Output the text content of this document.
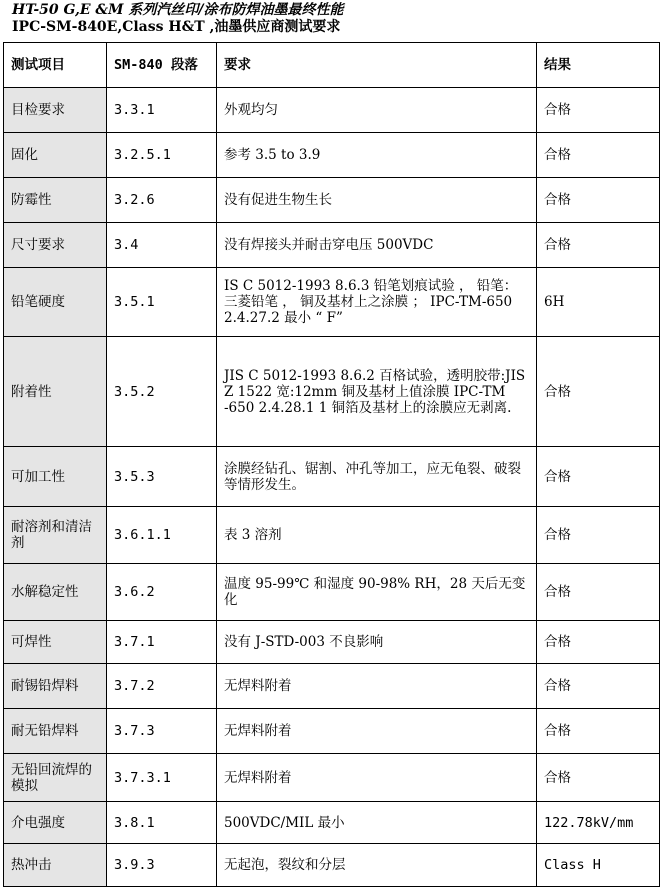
HT-50 G,E &M 系列汽丝印/涂布防焊油墨最终性能
IPC-SM-840E,Class H&T ,油墨供应商测试要求
测试项目	SM-840 段落	要求	结果
目检要求	3.3.1	外观均匀	合格
固化	3.2.5.1	参考 3.5 to 3.9	合格
防霉性	3.2.6	没有促进生物生长	合格
尺寸要求	3.4	没有焊接头并耐击穿电压 500VDC	合格
铅笔硬度	3.5.1	IS C 5012-1993 8.6.3 铅笔划痕试验 ， 铅笔：三菱铅笔 ， 铜及基材上之涂膜 ； IPC-TM-650 2.4.27.2 最小 “ F”	6H
附着性	3.5.2	JIS C 5012-1993 8.6.2 百格试验，透明胶带:JIS Z 1522 宽:12mm 铜及基材上值涂膜 IPC-TM -650 2.4.28.1 1 铜箔及基材上的涂膜应无剥离.	合格
可加工性	3.5.3	涂膜经钻孔、锯割、冲孔等加工，应无龟裂、破裂等情形发生。	合格
耐溶剂和清洁剂	3.6.1.1	表 3 溶剂	合格
水解稳定性	3.6.2	温度 95-99℃ 和湿度 90-98% RH，28 天后无变化	合格
可焊性	3.7.1	没有 J-STD-003 不良影响	合格
耐锡铅焊料	3.7.2	无焊料附着	合格
耐无铅焊料	3.7.3	无焊料附着	合格
无铅回流焊的模拟	3.7.3.1	无焊料附着	合格
介电强度	3.8.1	500VDC/MIL 最小	122.78kV/mm
热冲击	3.9.3	无起泡，裂纹和分层	Class H
